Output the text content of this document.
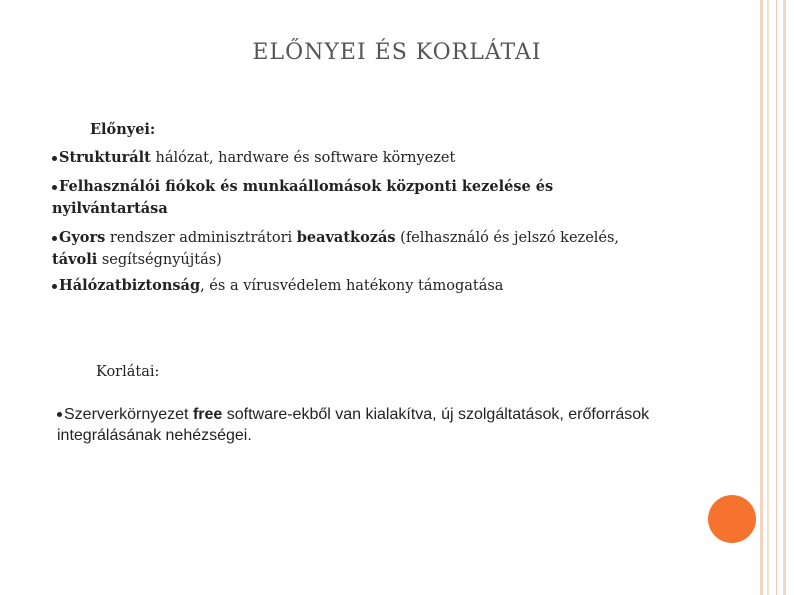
ELŐNYEI ÉS KORLÁTAI
Előnyei:
Strukturált hálózat, hardware és software környezet
Felhasználói fiókok és munkaállomások központi kezelése és
nyilvántartása
Gyors rendszer adminisztrátori beavatkozás (felhasználó és jelszó kezelés,
távoli segítségnyújtás)
Hálózatbiztonság, és a vírusvédelem hatékony támogatása
Korlátai:
Szerverkörnyezet free software-ekből van kialakítva, új szolgáltatások, erőforrások
integrálásának nehézségei.
